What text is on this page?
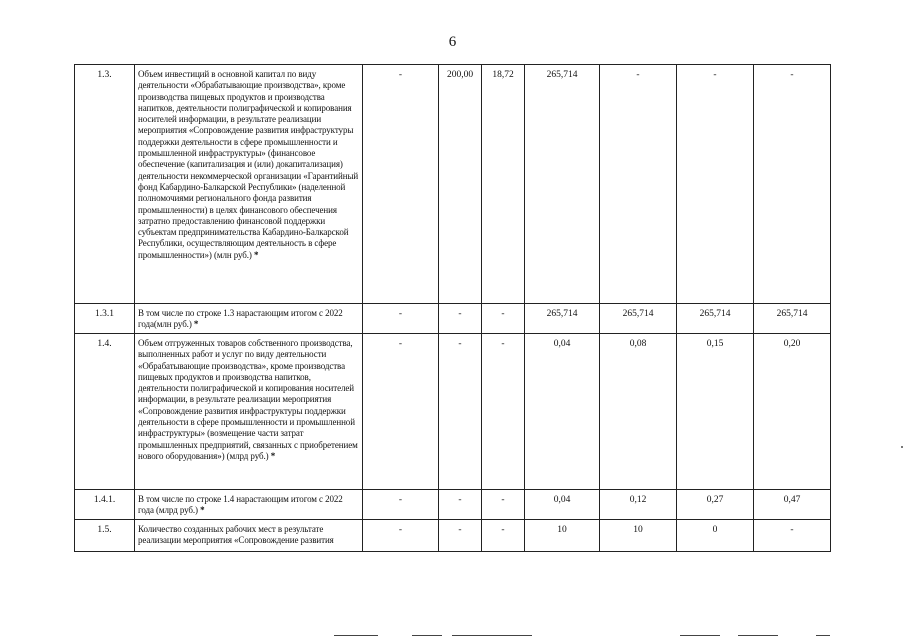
6
1.3.	Объем инвестиций в основной капитал по виду деятельности «Обрабатывающие производства», кроме производства пищевых продуктов и производства напитков, деятельности полиграфической и копирования носителей информации, в результате реализации мероприятия «Сопровождение развития инфраструктуры поддержки деятельности в сфере промышленности и промышленной инфраструктуры» (финансовое обеспечение (капитализация и (или) докапитализация) деятельности некоммерческой организации «Гарантийный фонд Кабардино-Балкарской Республики» (наделенной полномочиями регионального фонда развития промышленности) в целях финансового обеспечения затратно предоставлению финансовой поддержки субъектам предпринимательства Кабардино-Балкарской Республики, осуществляющим деятельность в сфере промышленности») (млн руб.) *	-	200,00	18,72	265,714	-	-	-
1.3.1	В том числе по строке 1.3 нарастающим итогом с 2022 года(млн руб.) *	-	-	-	265,714	265,714	265,714	265,714
1.4.	Объем отгруженных товаров собственного производства, выполненных работ и услуг по виду деятельности «Обрабатывающие производства», кроме производства пищевых продуктов и производства напитков, деятельности полиграфической и копирования носителей информации, в результате реализации мероприятия «Сопровождение развития инфраструктуры поддержки деятельности в сфере промышленности и промышленной инфраструктуры» (возмещение части затрат промышленных предприятий, связанных с приобретением нового оборудования») (млрд руб.) *	-	-	-	0,04	0,08	0,15	0,20
1.4.1.	В том числе по строке 1.4 нарастающим итогом с 2022 года (млрд руб.) *	-	-	-	0,04	0,12	0,27	0,47
1.5.	Количество созданных рабочих мест в результате реализации мероприятия «Сопровождение развития	-	-	-	10	10	0	-
